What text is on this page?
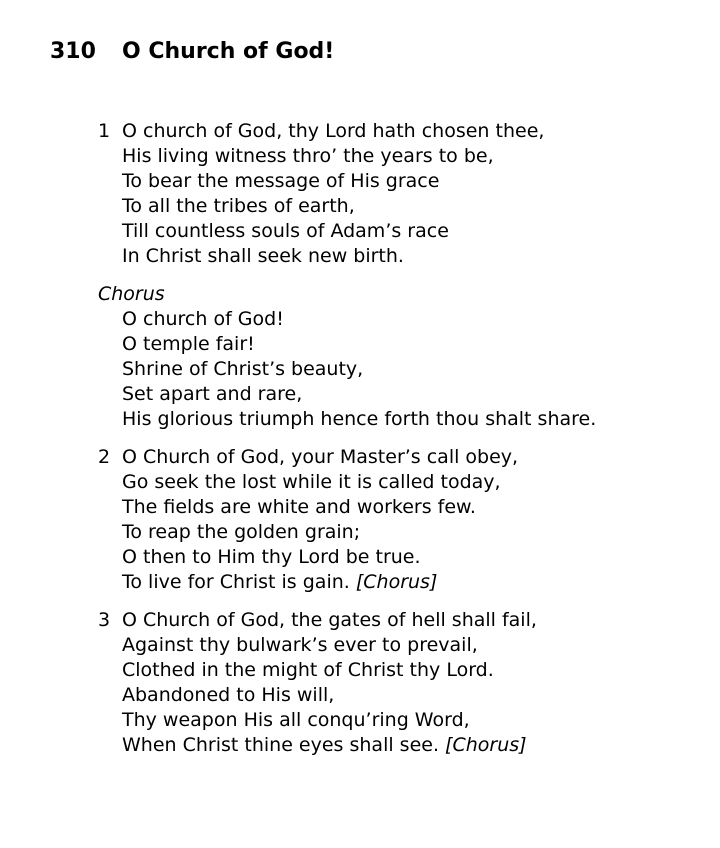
310 O Church of God!
1 O church of God, thy Lord hath chosen thee,
His living witness thro’ the years to be,
To bear the message of His grace
To all the tribes of earth,
Till countless souls of Adam’s race
In Christ shall seek new birth.
Chorus
O church of God!
O temple fair!
Shrine of Christ’s beauty,
Set apart and rare,
His glorious triumph hence forth thou shalt share.
2 O Church of God, your Master’s call obey,
Go seek the lost while it is called today,
The fields are white and workers few.
To reap the golden grain;
O then to Him thy Lord be true.
To live for Christ is gain. [Chorus]
3 O Church of God, the gates of hell shall fail,
Against thy bulwark’s ever to prevail,
Clothed in the might of Christ thy Lord.
Abandoned to His will,
Thy weapon His all conqu’ring Word,
When Christ thine eyes shall see. [Chorus]
